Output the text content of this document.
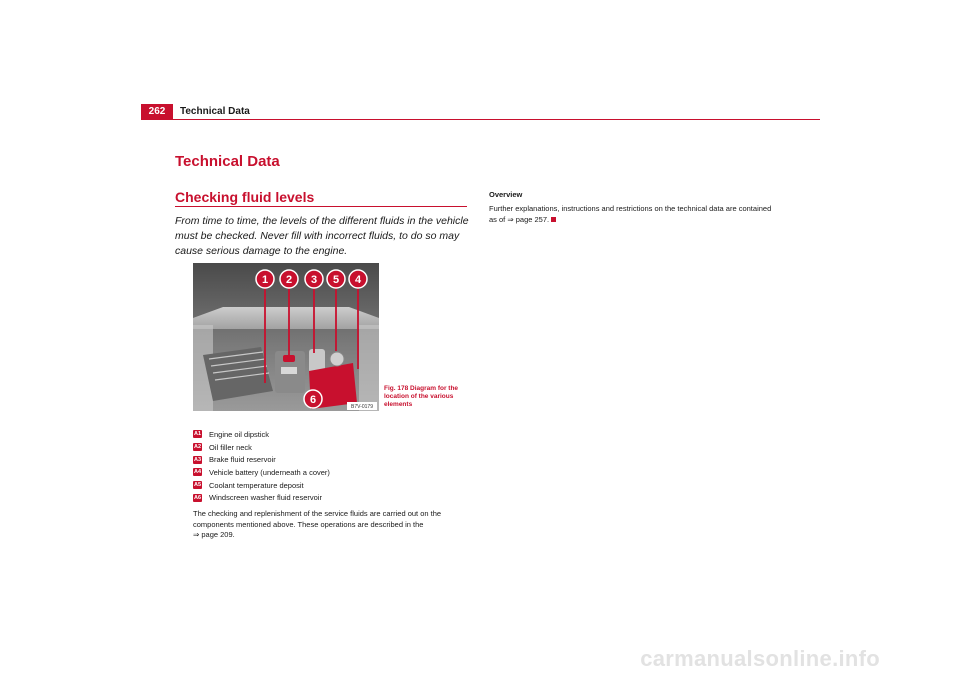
262	Technical Data
Technical Data
Checking fluid levels
From time to time, the levels of the different fluids in the vehicle must be checked. Never fill with incorrect fluids, to do so may cause serious damage to the engine.
1 2 3 5 4
6
B7V-0179
Fig. 178 Diagram for the location of the various elements
A1 Engine oil dipstick
A2 Oil filler neck
A3 Brake fluid reservoir
A4 Vehicle battery (underneath a cover)
A5 Coolant temperature deposit
A6 Windscreen washer fluid reservoir
The checking and replenishment of the service fluids are carried out on the components mentioned above. These operations are described in the
⇒ page 209.
Overview
Further explanations, instructions and restrictions on the technical data are contained as of ⇒ page 257.
carmanualsonline.info
